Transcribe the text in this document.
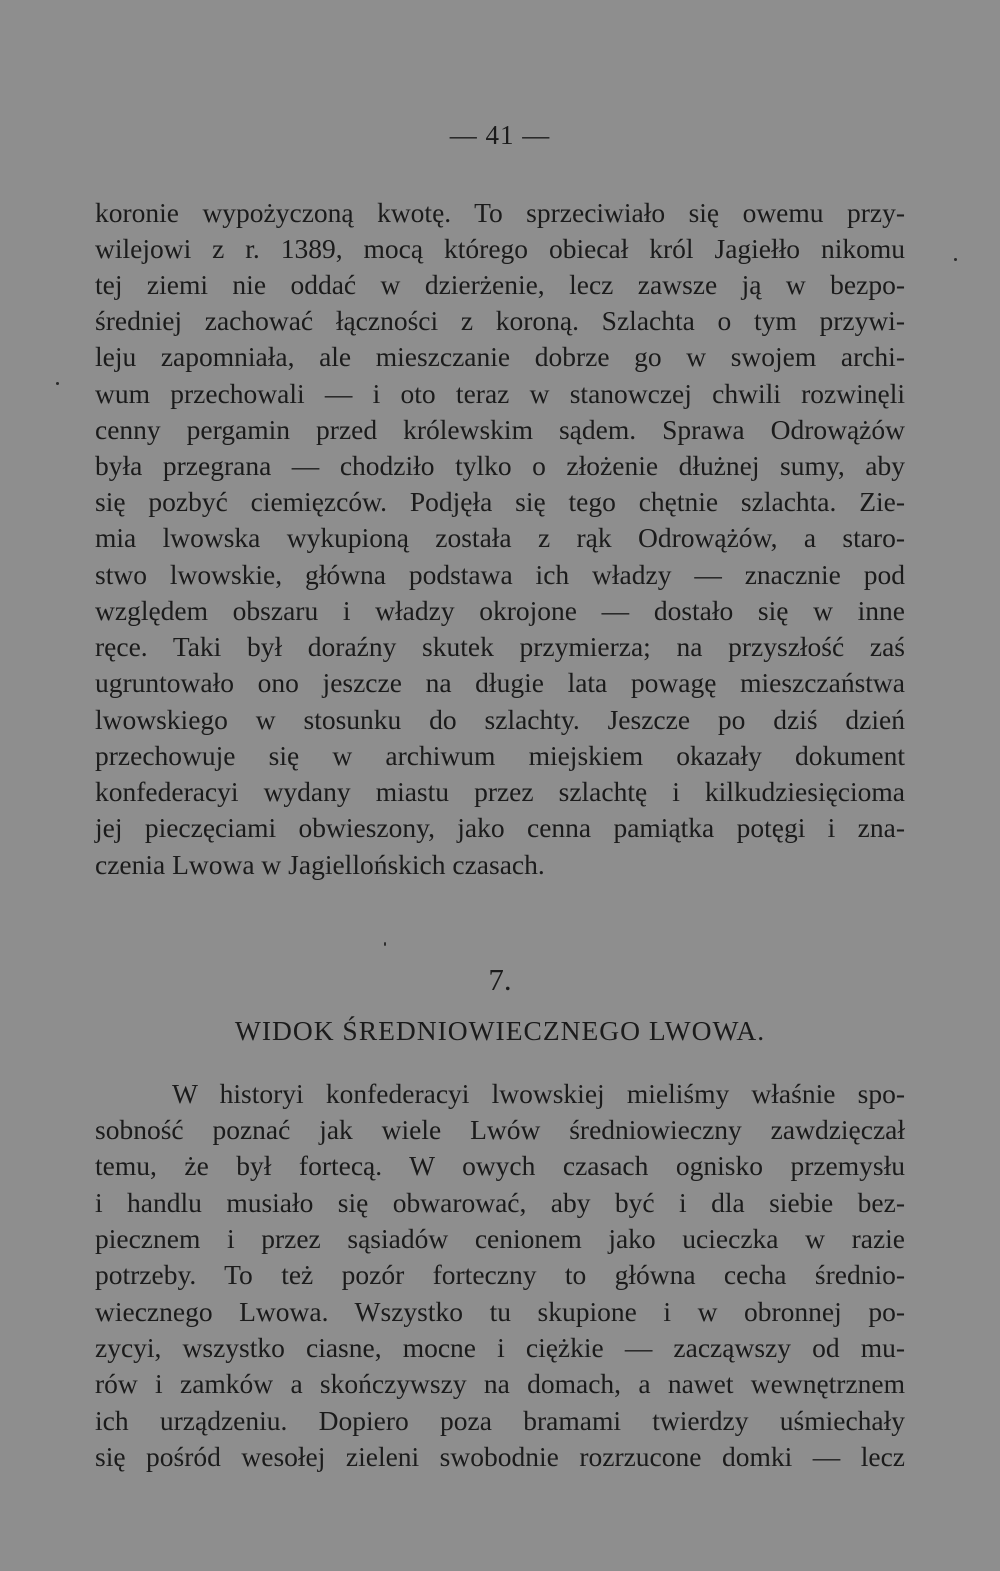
— 41 —
koronie wypożyczoną kwotę. To sprzeciwiało się owemu przy-
wilejowi z r. 1389, mocą którego obiecał król Jagiełło nikomu
tej ziemi nie oddać w dzierżenie, lecz zawsze ją w bezpo-
średniej zachować łączności z koroną. Szlachta o tym przywi-
leju zapomniała, ale mieszczanie dobrze go w swojem archi-
wum przechowali — i oto teraz w stanowczej chwili rozwinęli
cenny pergamin przed królewskim sądem. Sprawa Odrowążów
była przegrana — chodziło tylko o złożenie dłużnej sumy, aby
się pozbyć ciemięzców. Podjęła się tego chętnie szlachta. Zie-
mia lwowska wykupioną została z rąk Odrowążów, a staro-
stwo lwowskie, główna podstawa ich władzy — znacznie pod
względem obszaru i władzy okrojone — dostało się w inne
ręce. Taki był doraźny skutek przymierza; na przyszłość zaś
ugruntowało ono jeszcze na długie lata powagę mieszczaństwa
lwowskiego w stosunku do szlachty. Jeszcze po dziś dzień
przechowuje się w archiwum miejskiem okazały dokument
konfederacyi wydany miastu przez szlachtę i kilkudziesięcioma
jej pieczęciami obwieszony, jako cenna pamiątka potęgi i zna-
czenia Lwowa w Jagiellońskich czasach.
7.
WIDOK ŚREDNIOWIECZNEGO LWOWA.
W historyi konfederacyi lwowskiej mieliśmy właśnie spo-
sobność poznać jak wiele Lwów średniowieczny zawdzięczał
temu, że był fortecą. W owych czasach ognisko przemysłu
i handlu musiało się obwarować, aby być i dla siebie bez-
piecznem i przez sąsiadów cenionem jako ucieczka w razie
potrzeby. To też pozór forteczny to główna cecha średnio-
wiecznego Lwowa. Wszystko tu skupione i w obronnej po-
zycyi, wszystko ciasne, mocne i ciężkie — zacząwszy od mu-
rów i zamków a skończywszy na domach, a nawet wewnętrznem
ich urządzeniu. Dopiero poza bramami twierdzy uśmiechały
się pośród wesołej zieleni swobodnie rozrzucone domki — lecz
